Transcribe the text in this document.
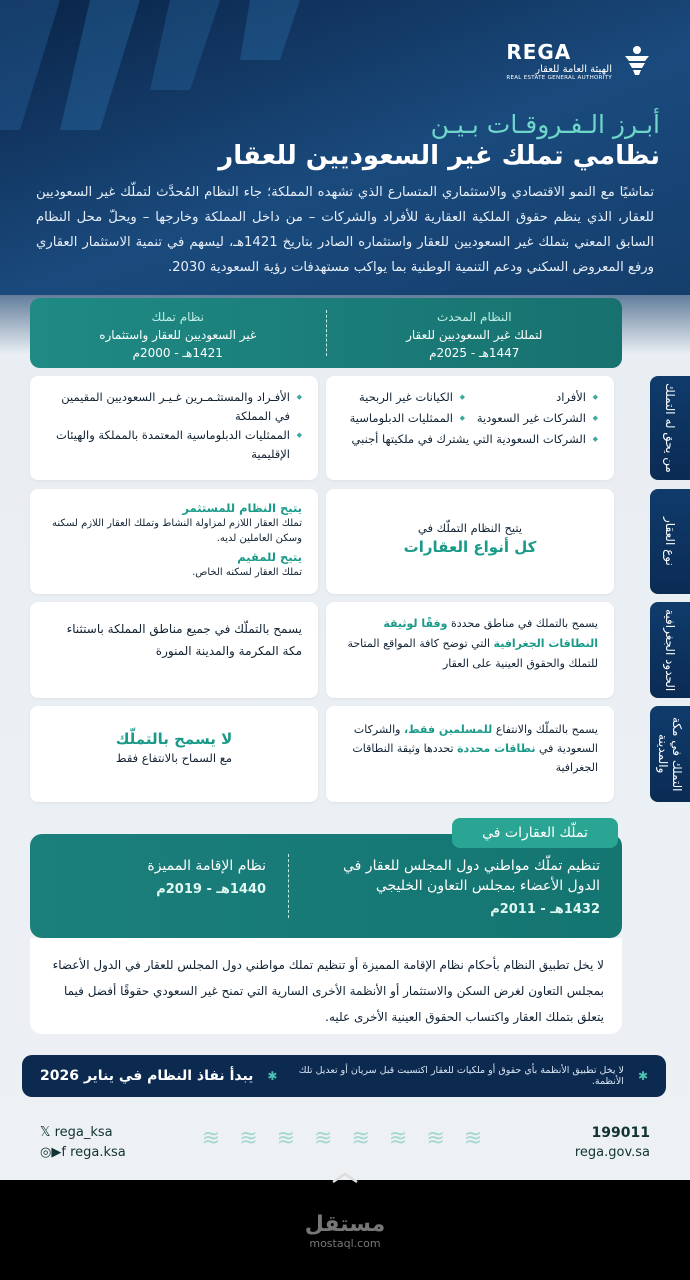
REGA
الهيئة العامة للعقار
REAL ESTATE GENERAL AUTHORITY
أبـرز الـفـروقـات بـيـن
نظامي تملك غير السعوديين للعقار
تماشيًا مع النمو الاقتصادي والاستثماري المتسارع الذي تشهده المملكة؛ جاء النظام المُحدَّث لتملّك غير السعوديين للعقار، الذي ينظم حقوق الملكية العقارية للأفراد والشركات – من داخل المملكة وخارجها – ويحلّ محل النظام السابق المعني بتملك غير السعوديين للعقار واستثماره الصادر بتاريخ 1421هـ، ليسهم في تنمية الاستثمار العقاري ورفع المعروض السكني ودعم التنمية الوطنية بما يواكب مستهدفات رؤية السعودية 2030.
النظام المحدث
لتملك غير السعوديين للعقار
1447هـ - 2025م
نظام تملك
غير السعوديين للعقار واستثماره
1421هـ - 2000م
من يحق له التملك
◆ الأفراد
◆ الكيانات غير الربحية
◆ الشركات غير السعودية
◆ الممثليات الدبلوماسية
◆ الشركات السعودية التي يشترك في ملكيتها أجنبي
◆ الأفـراد والمستثـمـرين غـيـر السعوديين المقيمين في المملكة
◆ الممثليات الدبلوماسية المعتمدة بالمملكة والهيئات الإقليمية
نوع العقار
يتيح النظام التملّك في
كل أنواع العقارات
يتيح النظام للمستثمر
تملك العقار اللازم لمزاولة النشاط وتملك العقار اللازم لسكنه وسكن العاملين لديه.
يتيح للمقيم
تملك العقار لسكنه الخاص.
الحدود الجغرافية
يسمح بالتملك في مناطق محددة وفقًا لوثيقة النطاقات الجغرافية التي توضح كافة المواقع المتاحة للتملك والحقوق العينية على العقار
يسمح بالتملّك في جميع مناطق المملكة باستثناء مكة المكرمة والمدينة المنورة
التملك في مكة والمدينة
يسمح بالتملّك والانتفاع للمسلمين فقط، والشركات السعودية في نطاقات محددة تحددها وثيقة النطاقات الجغرافية
لا يسمح بالتملّك
مع السماح بالانتفاع فقط
تنظيم تملّك مواطني دول المجلس للعقار في الدول الأعضاء بمجلس التعاون الخليجي
1432هـ - 2011م
نظام الإقامة المميزة
1440هـ - 2019م
تملّك العقارات في
لا يخل تطبيق النظام بأحكام نظام الإقامة المميزة أو تنظيم تملك مواطني دول المجلس للعقار في الدول الأعضاء بمجلس التعاون لغرض السكن والاستثمار أو الأنظمة الأخرى السارية التي تمنح غير السعودي حقوقًا أفضل فيما يتعلق بتملك العقار واكتساب الحقوق العينية الأخرى عليه.
✱
لا يخل تطبيق الأنظمة بأي حقوق أو ملكيات للعقار اكتسبت قبل سريان أو تعديل تلك الأنظمة.
✱
يبدأ نفاذ النظام في يناير 2026
𝕏 rega_ksa
◎▶f rega.ksa
≋ ≋ ≋ ≋ ≋ ≋ ≋ ≋	199011
rega.gov.sa
مستقل
mostaql.com
